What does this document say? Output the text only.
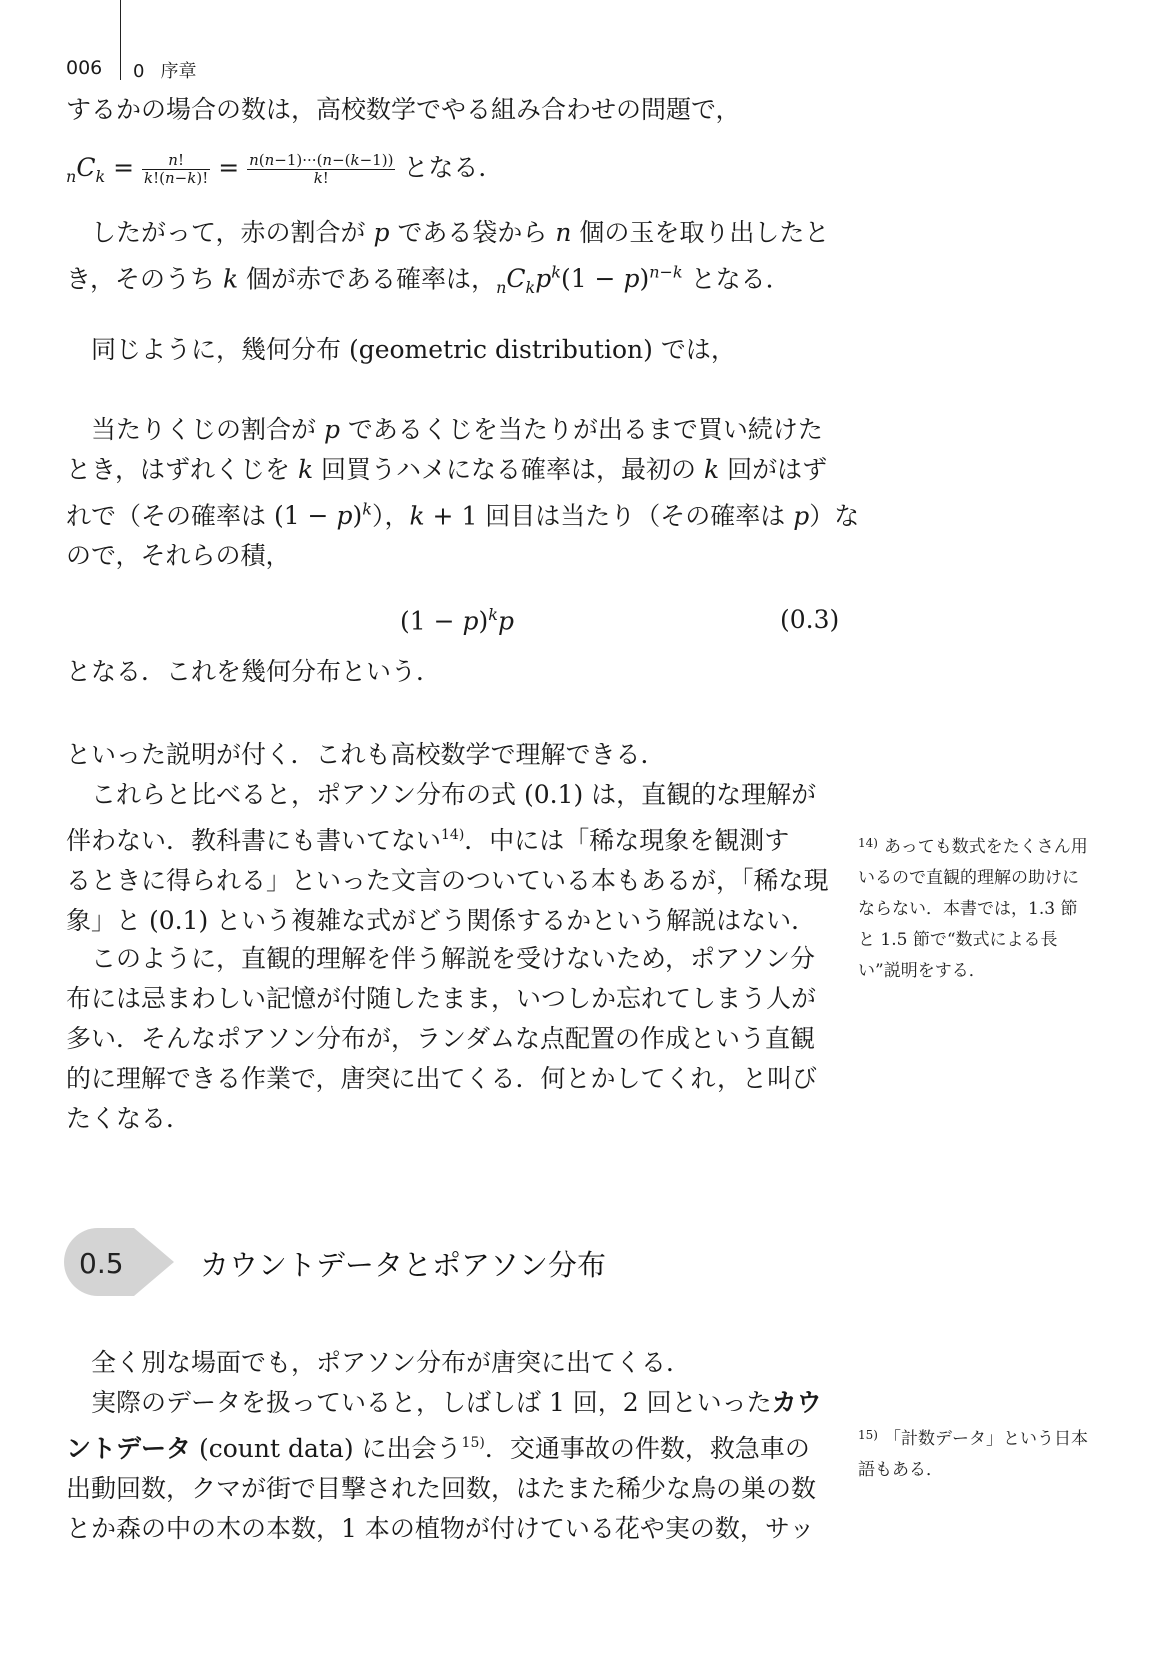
006 0 序章
するかの場合の数は，高校数学でやる組み合わせの問題で，
$_nC_k = \frac{n!}{k!(n-k)!} = \frac{n(n-1)\cdot\cdot\cdot(n-(k-1))}{k!}$ となる．
したがって，赤の割合が p である袋から n 個の玉を取り出したと
き，そのうち k 個が赤である確率は，$_nC_kp^k(1 - p)^{n-k}$ となる．
同じように，幾何分布 (geometric distribution) では，
当たりくじの割合が p であるくじを当たりが出るまで買い続けた
とき，はずれくじを k 回買うハメになる確率は，最初の k 回がはず
れで（その確率は $(1 - p)^k$），k + 1 回目は当たり（その確率は p）な
ので，それらの積，
$(1 - p)^kp$	(0.3)
となる．これを幾何分布という．
といった説明が付く．これも高校数学で理解できる．
これらと比べると，ポアソン分布の式 (0.1) は，直観的な理解が
伴わない．教科書にも書いてない$^{14)}$．中には「稀な現象を観測す
るときに得られる」といった文言のついている本もあるが，「稀な現
象」と (0.1) という複雑な式がどう関係するかという解説はない．
このように，直観的理解を伴う解説を受けないため，ポアソン分
布には忌まわしい記憶が付随したまま，いつしか忘れてしまう人が
多い．そんなポアソン分布が，ランダムな点配置の作成という直観
的に理解できる作業で，唐突に出てくる．何とかしてくれ，と叫び
たくなる．
0.5	カウントデータとポアソン分布
全く別な場面でも，ポアソン分布が唐突に出てくる．
実際のデータを扱っていると，しばしば 1 回，2 回といったカウ
ントデータ (count data) に出会う$^{15)}$．交通事故の件数，救急車の
出動回数，クマが街で目撃された回数，はたまた稀少な鳥の巣の数
とか森の中の木の本数，1 本の植物が付けている花や実の数，サッ
$^{14)}$ あっても数式をたくさん用いるので直観的理解の助けにならない．本書では，1.3 節と 1.5 節で“数式による長い”説明をする．
$^{15)}$ 「計数データ」という日本語もある．
